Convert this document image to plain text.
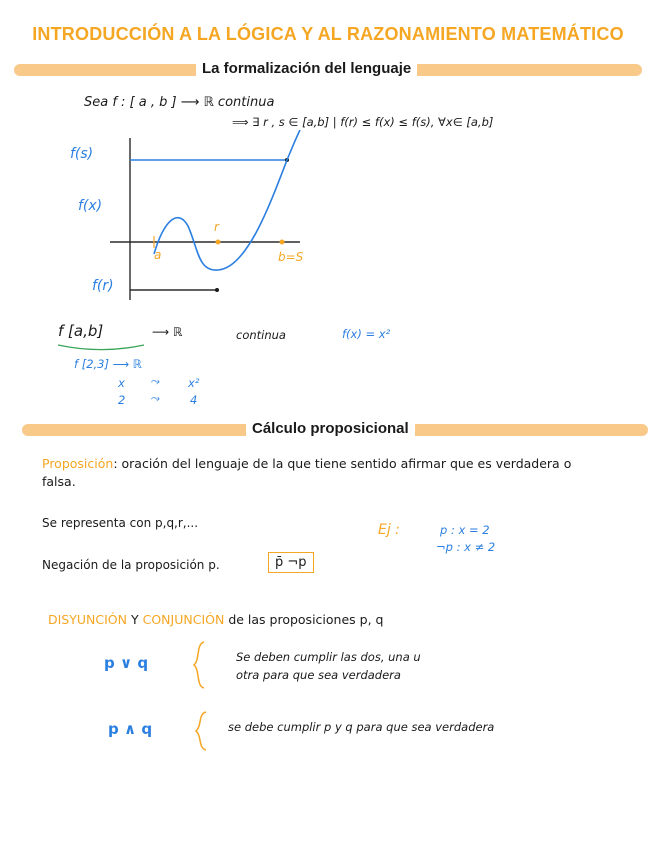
INTRODUCCIÓN A LA LÓGICA Y AL RAZONAMIENTO MATEMÁTICO
La formalización del lenguaje
Sea f : [ a , b ] ⟶ ℝ continua
⟹ ∃ r , s ∈ [a,b] | f(r) ≤ f(x) ≤ f(s), ∀x∈ [a,b]
f(s)
f(x)
f(r)
a
r
b=S
f [a,b]	⟶ ℝ	continua	f(x) = x²
f [2,3] ⟶ ℝ
x ⤳	x²
2 ⤳	4
Cálculo proposicional
Proposición: oración del lenguaje de la que tiene sentido afirmar que es verdadera o
falsa.
Se representa con p,q,r,...	Ej :	p : x = 2
¬p : x ≠ 2
Negación de la proposición p.	p̄ ¬p
DISYUNCIÓN Y CONJUNCIÓN de las proposiciones p, q
p ∨ q	Se deben cumplir las dos, una u
otra para que sea verdadera
p ∧ q	se debe cumplir p y q para que sea verdadera
